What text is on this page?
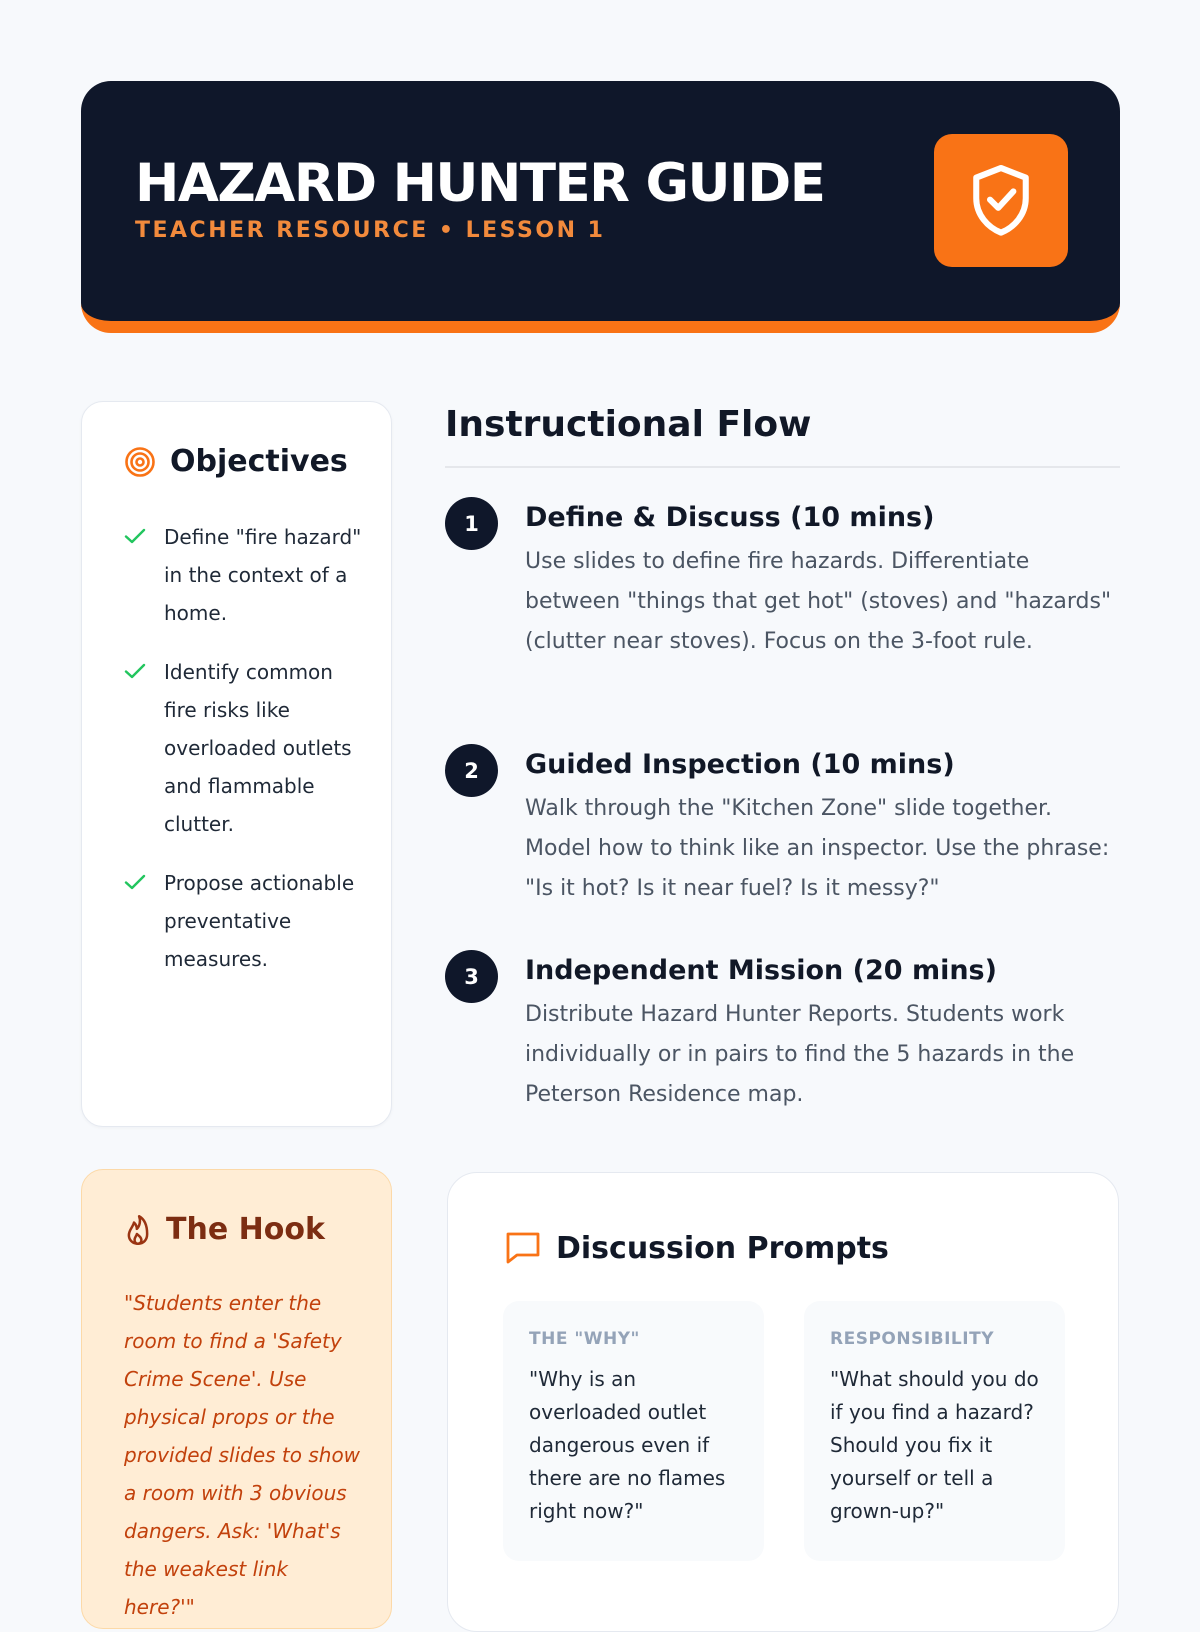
HAZARD HUNTER GUIDE
TEACHER RESOURCE • LESSON 1
Objectives
Define "fire hazard" in the context of a home.
Identify common fire risks like overloaded outlets and flammable clutter.
Propose actionable preventative measures.
The Hook
"Students enter the room to find a 'Safety Crime Scene'. Use physical props or the provided slides to show a room with 3 obvious dangers. Ask: 'What's the weakest link here?'"
Instructional Flow
1	Define & Discuss (10 mins)
Use slides to define fire hazards. Differentiate between "things that get hot" (stoves) and "hazards" (clutter near stoves). Focus on the 3-foot rule.
2	Guided Inspection (10 mins)
Walk through the "Kitchen Zone" slide together. Model how to think like an inspector. Use the phrase: "Is it hot? Is it near fuel? Is it messy?"
3	Independent Mission (20 mins)
Distribute Hazard Hunter Reports. Students work individually or in pairs to find the 5 hazards in the Peterson Residence map.
Discussion Prompts
THE "WHY"
"Why is an overloaded outlet dangerous even if there are no flames right now?"
RESPONSIBILITY
"What should you do if you find a hazard? Should you fix it yourself or tell a grown-up?"
